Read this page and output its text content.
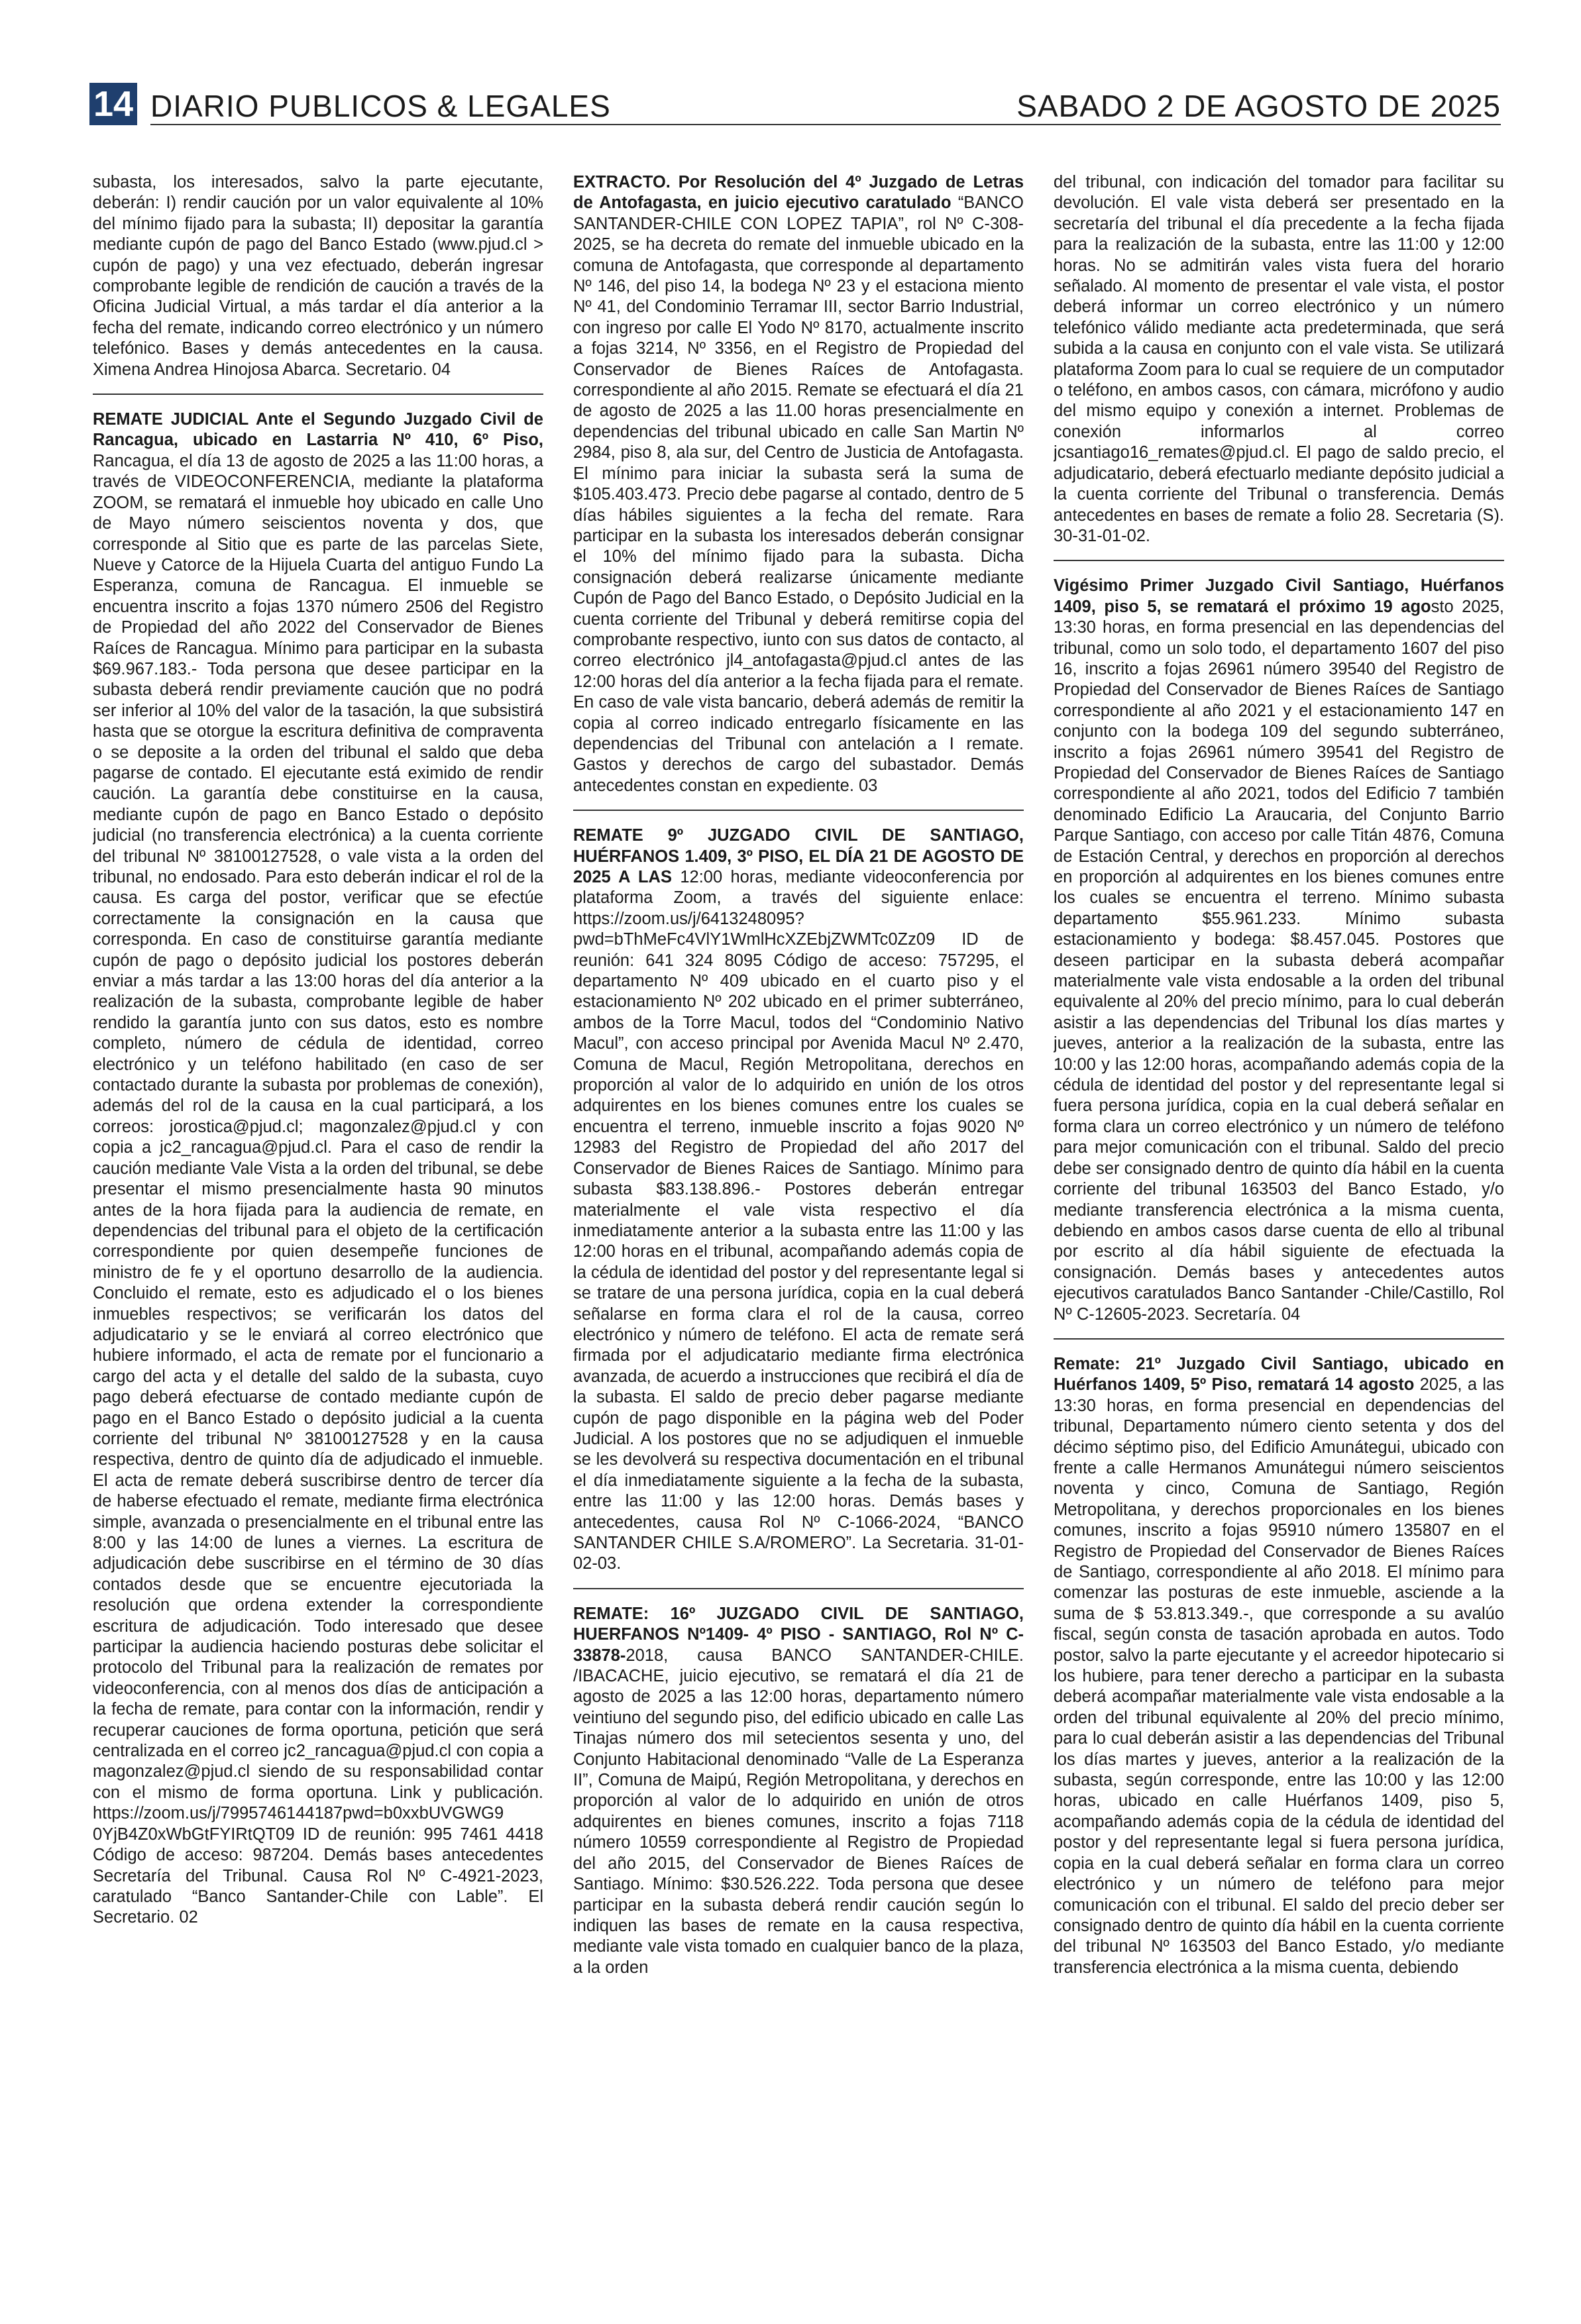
14 DIARIO PUBLICOS & LEGALES	SABADO 2 DE AGOSTO DE 2025

subasta, los interesados, salvo la parte ejecutante, deberán: I) rendir caución por un valor equivalente al 10% del mínimo fijado para la subasta; II) depositar la garantía mediante cupón de pago del Banco Estado (www.pjud.cl > cupón de pago) y una vez efectuado, deberán ingresar comprobante legible de rendición de caución a través de la Oficina Judicial Virtual, a más tardar el día anterior a la fecha del remate, indicando correo electrónico y un número telefónico. Bases y demás antecedentes en la causa. Ximena Andrea Hinojosa Abarca. Secretario. 04

REMATE JUDICIAL Ante el Segundo Juzgado Civil de Rancagua, ubicado en Lastarria Nº 410, 6º Piso, Rancagua, el día 13 de agosto de 2025 a las 11:00 horas, a través de VIDEOCONFERENCIA, mediante la plataforma ZOOM, se rematará el inmueble hoy ubicado en calle Uno de Mayo número seiscientos noventa y dos, que corresponde al Sitio que es parte de las parcelas Siete, Nueve y Catorce de la Hijuela Cuarta del antiguo Fundo La Esperanza, comuna de Rancagua. El inmueble se encuentra inscrito a fojas 1370 número 2506 del Registro de Propiedad del año 2022 del Conservador de Bienes Raíces de Rancagua. Mínimo para participar en la subasta $69.967.183.- Toda persona que desee participar en la subasta deberá rendir previamente caución que no podrá ser inferior al 10% del valor de la tasación, la que subsistirá hasta que se otorgue la escritura definitiva de compraventa o se deposite a la orden del tribunal el saldo que deba pagarse de contado. El ejecutante está eximido de rendir caución. La garantía debe constituirse en la causa, mediante cupón de pago en Banco Estado o depósito judicial (no transferencia electrónica) a la cuenta corriente del tribunal Nº 38100127528, o vale vista a la orden del tribunal, no endosado. Para esto deberán indicar el rol de la causa. Es carga del postor, verificar que se efectúe correctamente la consignación en la causa que corresponda. En caso de constituirse garantía mediante cupón de pago o depósito judicial los postores deberán enviar a más tardar a las 13:00 horas del día anterior a la realización de la subasta, comprobante legible de haber rendido la garantía junto con sus datos, esto es nombre completo, número de cédula de identidad, correo electrónico y un teléfono habilitado (en caso de ser contactado durante la subasta por problemas de conexión), además del rol de la causa en la cual participará, a los correos: jorostica@pjud.cl; magonzalez@pjud.cl y con copia a jc2_rancagua@pjud.cl. Para el caso de rendir la caución mediante Vale Vista a la orden del tribunal, se debe presentar el mismo presencialmente hasta 90 minutos antes de la hora fijada para la audiencia de remate, en dependencias del tribunal para el objeto de la certificación correspondiente por quien desempeñe funciones de ministro de fe y el oportuno desarrollo de la audiencia. Concluido el remate, esto es adjudicado el o los bienes inmuebles respectivos; se verificarán los datos del adjudicatario y se le enviará al correo electrónico que hubiere informado, el acta de remate por el funcionario a cargo del acta y el detalle del saldo de la subasta, cuyo pago deberá efectuarse de contado mediante cupón de pago en el Banco Estado o depósito judicial a la cuenta corriente del tribunal Nº 38100127528 y en la causa respectiva, dentro de quinto día de adjudicado el inmueble. El acta de remate deberá suscribirse dentro de tercer día de haberse efectuado el remate, mediante firma electrónica simple, avanzada o presencialmente en el tribunal entre las 8:00 y las 14:00 de lunes a viernes. La escritura de adjudicación debe suscribirse en el término de 30 días contados desde que se encuentre ejecutoriada la resolución que ordena extender la correspondiente escritura de adjudicación. Todo interesado que desee participar la audiencia haciendo posturas debe solicitar el protocolo del Tribunal para la realización de remates por videoconferencia, con al menos dos días de anticipación a la fecha de remate, para contar con la información, rendir y recuperar cauciones de forma oportuna, petición que será centralizada en el correo jc2_rancagua@pjud.cl con copia a magonzalez@pjud.cl siendo de su responsabilidad contar con el mismo de forma oportuna. Link y publicación. https://zoom.us/j/7995746144187pwd=b0xxbUVGWG9 0YjB4Z0xWbGtFYIRtQT09 ID de reunión: 995 7461 4418 Código de acceso: 987204. Demás bases antecedentes Secretaría del Tribunal. Causa Rol Nº C-4921-2023, caratulado “Banco Santander-Chile con Lable”. El Secretario. 02

EXTRACTO. Por Resolución del 4º Juzgado de Letras de Antofagasta, en juicio ejecutivo caratulado “BANCO SANTANDER-CHILE CON LOPEZ TAPIA”, rol Nº C-308-2025, se ha decreta do remate del inmueble ubicado en la comuna de Antofagasta, que corresponde al departamento Nº 146, del piso 14, la bodega Nº 23 y el estaciona miento Nº 41, del Condominio Terramar III, sector Barrio Industrial, con ingreso por calle El Yodo Nº 8170, actualmente inscrito a fojas 3214, Nº 3356, en el Registro de Propiedad del Conservador de Bienes Raíces de Antofagasta. correspondiente al año 2015. Remate se efectuará el día 21 de agosto de 2025 a las 11.00 horas presencialmente en dependencias del tribunal ubicado en calle San Martin Nº 2984, piso 8, ala sur, del Centro de Justicia de Antofagasta. El mínimo para iniciar la subasta será la suma de $105.403.473. Precio debe pagarse al contado, dentro de 5 días hábiles siguientes a la fecha del remate. Rara participar en la subasta los interesados deberán consignar el 10% del mínimo fijado para la subasta. Dicha consignación deberá realizarse únicamente mediante Cupón de Pago del Banco Estado, o Depósito Judicial en la cuenta corriente del Tribunal y deberá remitirse copia del comprobante respectivo, iunto con sus datos de contacto, al correo electrónico jl4_antofagasta@pjud.cl antes de las 12:00 horas del día anterior a la fecha fijada para el remate. En caso de vale vista bancario, deberá además de remitir la copia al correo indicado entregarlo físicamente en las dependencias del Tribunal con antelación a I remate. Gastos y derechos de cargo del subastador. Demás antecedentes constan en expediente. 03

REMATE 9º JUZGADO CIVIL DE SANTIAGO, HUÉRFANOS 1.409, 3º PISO, EL DÍA 21 DE AGOSTO DE 2025 A LAS 12:00 horas, mediante videoconferencia por plataforma Zoom, a través del siguiente enlace: https://zoom.us/j/6413248095?pwd=bThMeFc4VlY1WmlHcXZEbjZWMTc0Zz09 ID de reunión: 641 324 8095 Código de acceso: 757295, el departamento Nº 409 ubicado en el cuarto piso y el estacionamiento Nº 202 ubicado en el primer subterráneo, ambos de la Torre Macul, todos del “Condominio Nativo Macul”, con acceso principal por Avenida Macul Nº 2.470, Comuna de Macul, Región Metropolitana, derechos en proporción al valor de lo adquirido en unión de los otros adquirentes en los bienes comunes entre los cuales se encuentra el terreno, inmueble inscrito a fojas 9020 Nº 12983 del Registro de Propiedad del año 2017 del Conservador de Bienes Raices de Santiago. Mínimo para subasta $83.138.896.- Postores deberán entregar materialmente el vale vista respectivo el día inmediatamente anterior a la subasta entre las 11:00 y las 12:00 horas en el tribunal, acompañando además copia de la cédula de identidad del postor y del representante legal si se tratare de una persona jurídica, copia en la cual deberá señalarse en forma clara el rol de la causa, correo electrónico y número de teléfono. El acta de remate será firmada por el adjudicatario mediante firma electrónica avanzada, de acuerdo a instrucciones que recibirá el día de la subasta. El saldo de precio deber pagarse mediante cupón de pago disponible en la página web del Poder Judicial. A los postores que no se adjudiquen el inmueble se les devolverá su respectiva documentación en el tribunal el día inmediatamente siguiente a la fecha de la subasta, entre las 11:00 y las 12:00 horas. Demás bases y antecedentes, causa Rol Nº C-1066-2024, “BANCO SANTANDER CHILE S.A/ROMERO”. La Secretaria. 31-01-02-03.

REMATE: 16º JUZGADO CIVIL DE SANTIAGO, HUERFANOS Nº1409- 4º PISO - SANTIAGO, Rol Nº C-33878-2018, causa BANCO SANTANDER-CHILE. /IBACACHE, juicio ejecutivo, se rematará el día 21 de agosto de 2025 a las 12:00 horas, departamento número veintiuno del segundo piso, del edificio ubicado en calle Las Tinajas número dos mil setecientos sesenta y uno, del Conjunto Habitacional denominado “Valle de La Esperanza II”, Comuna de Maipú, Región Metropolitana, y derechos en proporción al valor de lo adquirido en unión de otros adquirentes en bienes comunes, inscrito a fojas 7118 número 10559 correspondiente al Registro de Propiedad del año 2015, del Conservador de Bienes Raíces de Santiago. Mínimo: $30.526.222. Toda persona que desee participar en la subasta deberá rendir caución según lo indiquen las bases de remate en la causa respectiva, mediante vale vista tomado en cualquier banco de la plaza, a la orden

del tribunal, con indicación del tomador para facilitar su devolución. El vale vista deberá ser presentado en la secretaría del tribunal el día precedente a la fecha fijada para la realización de la subasta, entre las 11:00 y 12:00 horas. No se admitirán vales vista fuera del horario señalado. Al momento de presentar el vale vista, el postor deberá informar un correo electrónico y un número telefónico válido mediante acta predeterminada, que será subida a la causa en conjunto con el vale vista. Se utilizará plataforma Zoom para lo cual se requiere de un computador o teléfono, en ambos casos, con cámara, micrófono y audio del mismo equipo y conexión a internet. Problemas de conexión informarlos al correo jcsantiago16_remates@pjud.cl. El pago de saldo precio, el adjudicatario, deberá efectuarlo mediante depósito judicial a la cuenta corriente del Tribunal o transferencia. Demás antecedentes en bases de remate a folio 28. Secretaria (S). 30-31-01-02.

Vigésimo Primer Juzgado Civil Santiago, Huérfanos 1409, piso 5, se rematará el próximo 19 agosto 2025, 13:30 horas, en forma presencial en las dependencias del tribunal, como un solo todo, el departamento 1607 del piso 16, inscrito a fojas 26961 número 39540 del Registro de Propiedad del Conservador de Bienes Raíces de Santiago correspondiente al año 2021 y el estacionamiento 147 en conjunto con la bodega 109 del segundo subterráneo, inscrito a fojas 26961 número 39541 del Registro de Propiedad del Conservador de Bienes Raíces de Santiago correspondiente al año 2021, todos del Edificio 7 también denominado Edificio La Araucaria, del Conjunto Barrio Parque Santiago, con acceso por calle Titán 4876, Comuna de Estación Central, y derechos en proporción al derechos en proporción al adquirentes en los bienes comunes entre los cuales se encuentra el terreno. Mínimo subasta departamento $55.961.233. Mínimo subasta estacionamiento y bodega: $8.457.045. Postores que deseen participar en la subasta deberá acompañar materialmente vale vista endosable a la orden del tribunal equivalente al 20% del precio mínimo, para lo cual deberán asistir a las dependencias del Tribunal los días martes y jueves, anterior a la realización de la subasta, entre las 10:00 y las 12:00 horas, acompañando además copia de la cédula de identidad del postor y del representante legal si fuera persona jurídica, copia en la cual deberá señalar en forma clara un correo electrónico y un número de teléfono para mejor comunicación con el tribunal. Saldo del precio debe ser consignado dentro de quinto día hábil en la cuenta corriente del tribunal 163503 del Banco Estado, y/o mediante transferencia electrónica a la misma cuenta, debiendo en ambos casos darse cuenta de ello al tribunal por escrito al día hábil siguiente de efectuada la consignación. Demás bases y antecedentes autos ejecutivos caratulados Banco Santander -Chile/Castillo, Rol Nº C-12605-2023. Secretaría. 04

Remate: 21º Juzgado Civil Santiago, ubicado en Huérfanos 1409, 5º Piso, rematará 14 agosto 2025, a las 13:30 horas, en forma presencial en dependencias del tribunal, Departamento número ciento setenta y dos del décimo séptimo piso, del Edificio Amunátegui, ubicado con frente a calle Hermanos Amunátegui número seiscientos noventa y cinco, Comuna de Santiago, Región Metropolitana, y derechos proporcionales en los bienes comunes, inscrito a fojas 95910 número 135807 en el Registro de Propiedad del Conservador de Bienes Raíces de Santiago, correspondiente al año 2018. El mínimo para comenzar las posturas de este inmueble, asciende a la suma de $ 53.813.349.-, que corresponde a su avalúo fiscal, según consta de tasación aprobada en autos. Todo postor, salvo la parte ejecutante y el acreedor hipotecario si los hubiere, para tener derecho a participar en la subasta deberá acompañar materialmente vale vista endosable a la orden del tribunal equivalente al 20% del precio mínimo, para lo cual deberán asistir a las dependencias del Tribunal los días martes y jueves, anterior a la realización de la subasta, según corresponde, entre las 10:00 y las 12:00 horas, ubicado en calle Huérfanos 1409, piso 5, acompañando además copia de la cédula de identidad del postor y del representante legal si fuera persona jurídica, copia en la cual deberá señalar en forma clara un correo electrónico y un número de teléfono para mejor comunicación con el tribunal. El saldo del precio deber ser consignado dentro de quinto día hábil en la cuenta corriente del tribunal Nº 163503 del Banco Estado, y/o mediante transferencia electrónica a la misma cuenta, debiendo
